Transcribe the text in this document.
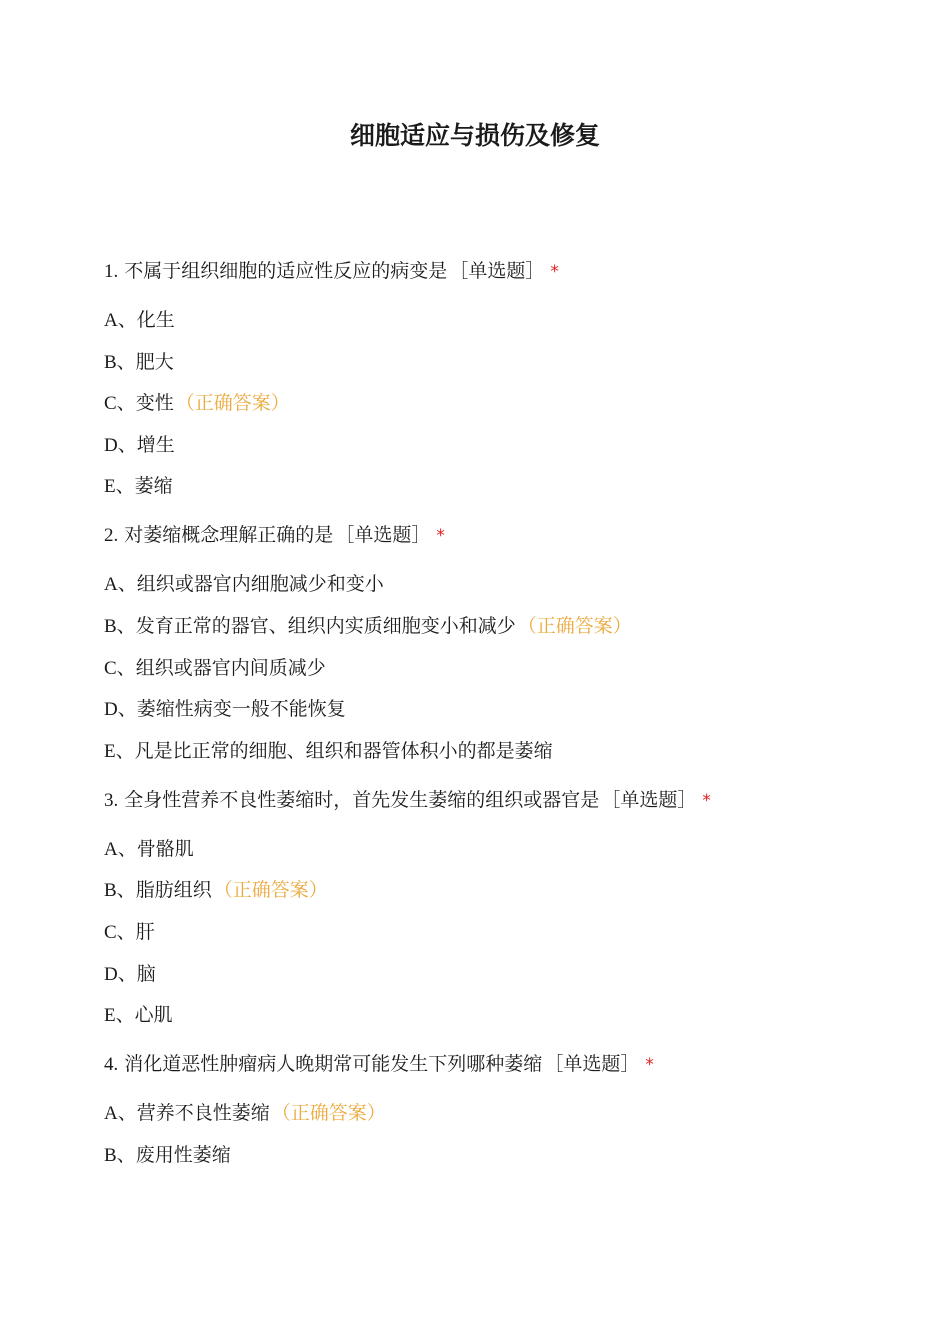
细胞适应与损伤及修复
1. 不属于组织细胞的适应性反应的病变是 ［单选题］ *
A、化生
B、肥大
C、变性 （正确答案）
D、增生
E、萎缩
2. 对萎缩概念理解正确的是 ［单选题］ *
A、组织或器官内细胞减少和变小
B、发育正常的器官、组织内实质细胞变小和减少 （正确答案）
C、组织或器官内间质减少
D、萎缩性病变一般不能恢复
E、凡是比正常的细胞、组织和器管体积小的都是萎缩
3. 全身性营养不良性萎缩时，首先发生萎缩的组织或器官是 ［单选题］ *
A、骨骼肌
B、脂肪组织 （正确答案）
C、肝
D、脑
E、心肌
4. 消化道恶性肿瘤病人晚期常可能发生下列哪种萎缩 ［单选题］ *
A、营养不良性萎缩 （正确答案）
B、废用性萎缩
